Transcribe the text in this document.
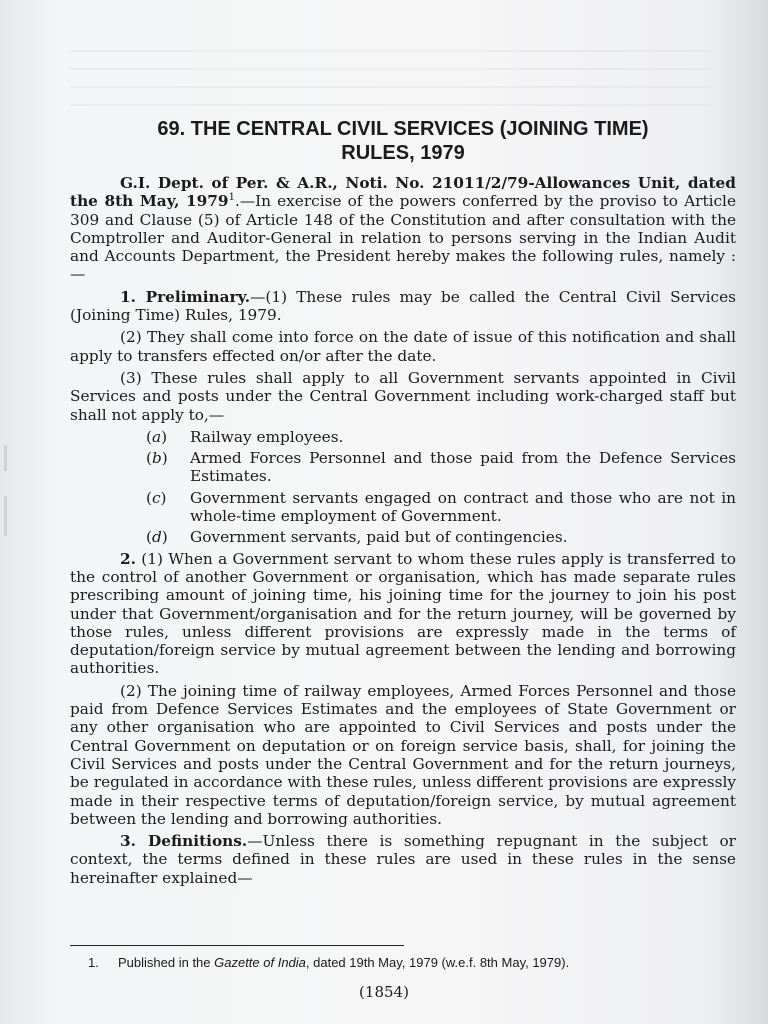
69. THE CENTRAL CIVIL SERVICES (JOINING TIME)
RULES, 1979

G.I. Dept. of Per. & A.R., Noti. No. 21011/2/79-Allowances Unit, dated the 8th May, 1979$^1$.—In exercise of the powers conferred by the proviso to Article 309 and Clause (5) of Article 148 of the Constitution and after consultation with the Comptroller and Auditor-General in relation to persons serving in the Indian Audit and Accounts Department, the President hereby makes the following rules, namely :—

1. Preliminary.—(1) These rules may be called the Central Civil Services (Joining Time) Rules, 1979.

(2) They shall come into force on the date of issue of this notification and shall apply to transfers effected on/or after the date.

(3) These rules shall apply to all Government servants appointed in Civil Services and posts under the Central Government including work-charged staff but shall not apply to,—

(a)	Railway employees.
(b)	Armed Forces Personnel and those paid from the Defence Services Estimates.
(c)	Government servants engaged on contract and those who are not in whole-time employment of Government.
(d)	Government servants, paid but of contingencies.

2. (1) When a Government servant to whom these rules apply is transferred to the control of another Government or organisation, which has made separate rules prescribing amount of joining time, his joining time for the journey to join his post under that Government/organisation and for the return journey, will be governed by those rules, unless different provisions are expressly made in the terms of deputation/foreign service by mutual agreement between the lending and borrowing authorities.

(2) The joining time of railway employees, Armed Forces Personnel and those paid from Defence Services Estimates and the employees of State Government or any other organisation who are appointed to Civil Services and posts under the Central Government on deputation or on foreign service basis, shall, for joining the Civil Services and posts under the Central Government and for the return journeys, be regulated in accordance with these rules, unless different provisions are expressly made in their respective terms of deputation/foreign service, by mutual agreement between the lending and borrowing authorities.

3. Definitions.—Unless there is something repugnant in the subject or context, the terms defined in these rules are used in these rules in the sense hereinafter explained—

1. Published in the Gazette of India, dated 19th May, 1979 (w.e.f. 8th May, 1979).
(1854)
